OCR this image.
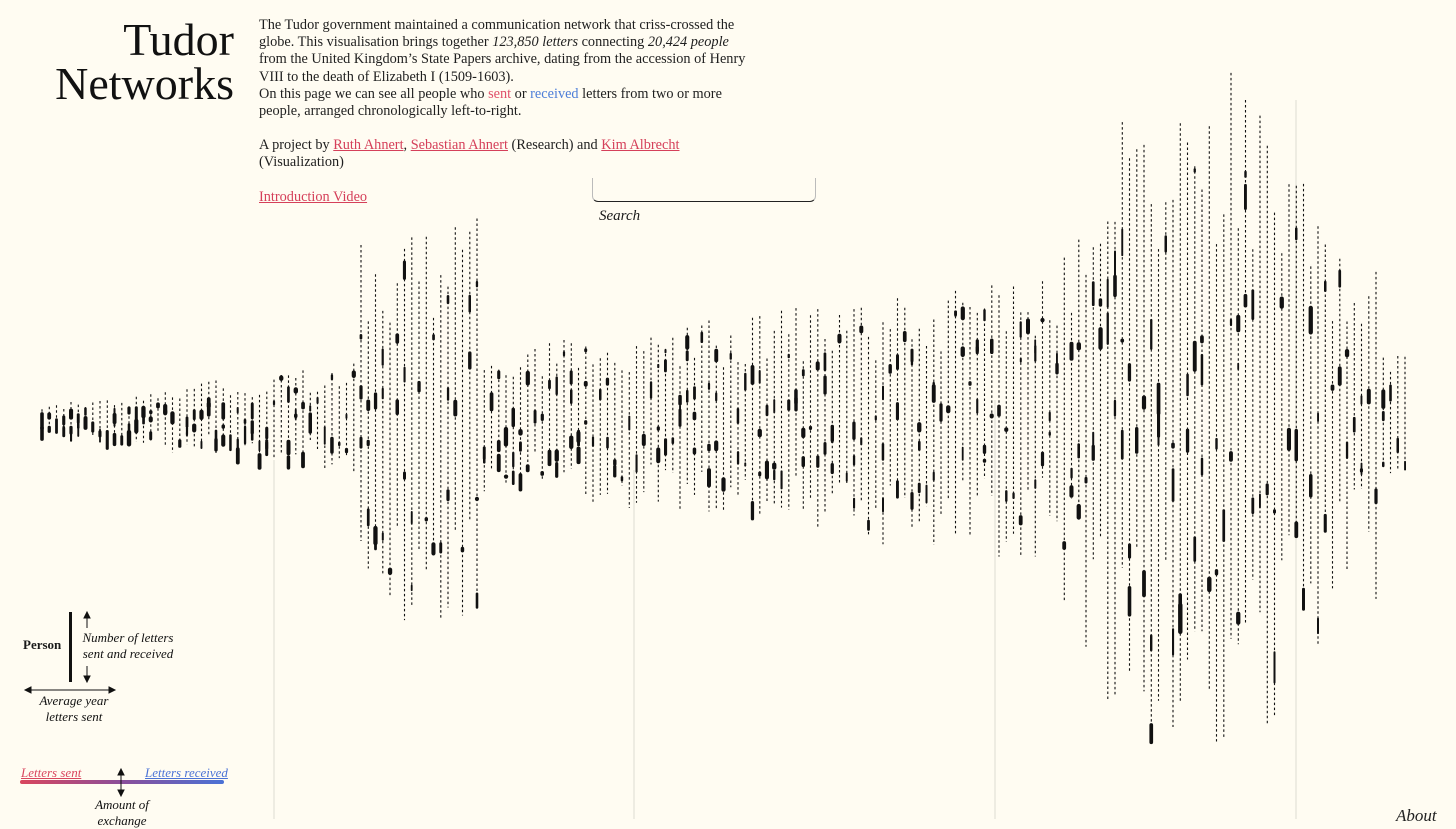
Tudor
Networks

The Tudor government maintained a communication network that criss-crossed the globe. This visualisation brings together 123,850 letters connecting 20,424 people from the United Kingdom’s State Papers archive, dating from the accession of Henry VIII to the death of Elizabeth I (1509-1603).
On this page we can see all people who sent or received letters from two or more people, arranged chronologically left-to-right.

A project by Ruth Ahnert, Sebastian Ahnert (Research) and Kim Albrecht (Visualization)

Introduction Video

Search
Person	Number of letters
sent and received
Average year
letters sent
Letters sent	Letters received
Amount of
exchange	About
